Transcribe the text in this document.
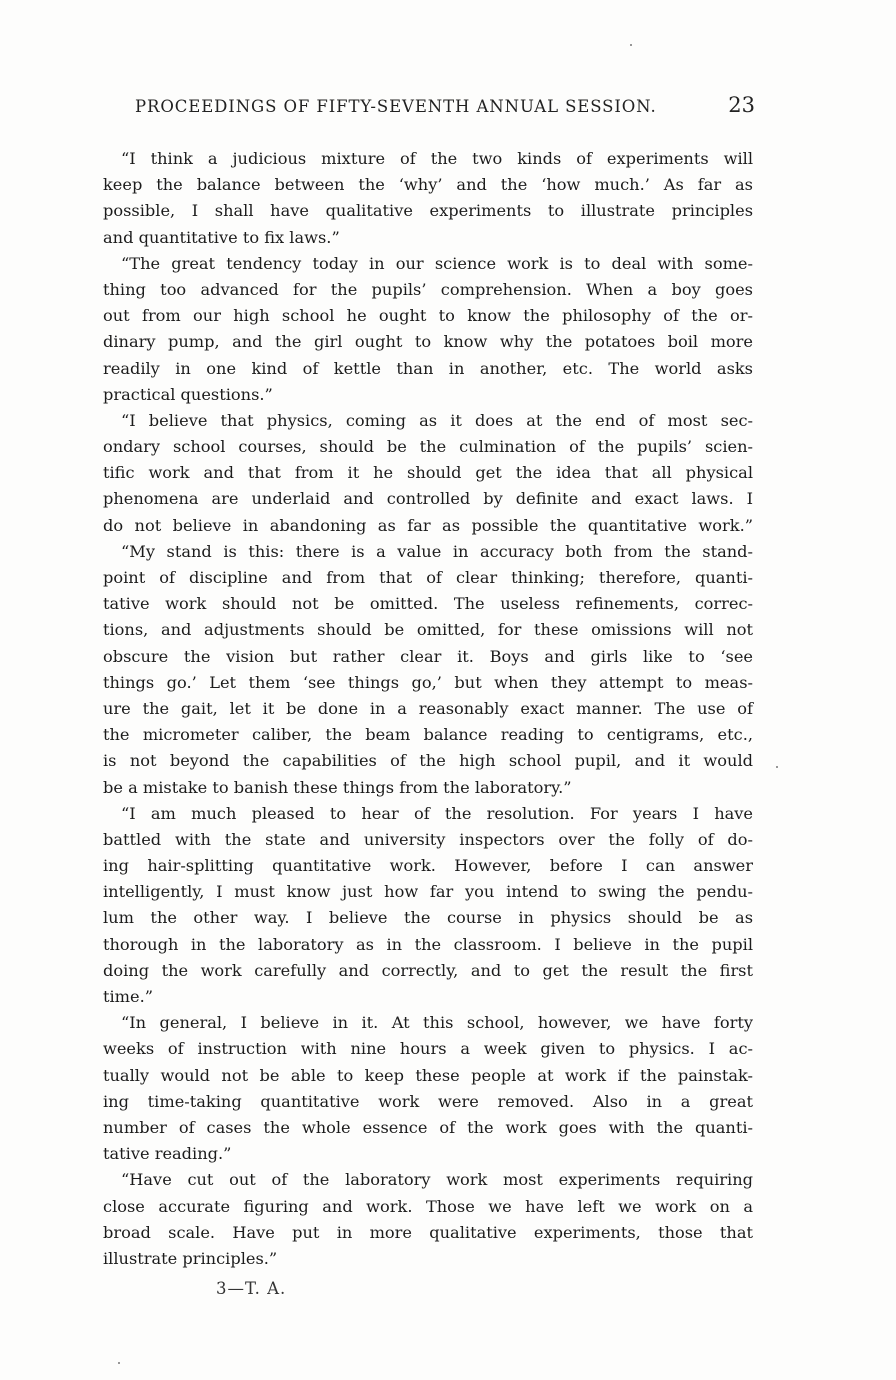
PROCEEDINGS OF FIFTY-SEVENTH ANNUAL SESSION.	23
“I think a judicious mixture of the two kinds of experiments will
keep the balance between the ‘why’ and the ‘how much.’ As far as
possible, I shall have qualitative experiments to illustrate principles
and quantitative to fix laws.”
“The great tendency today in our science work is to deal with some-
thing too advanced for the pupils’ comprehension. When a boy goes
out from our high school he ought to know the philosophy of the or-
dinary pump, and the girl ought to know why the potatoes boil more
readily in one kind of kettle than in another, etc. The world asks
practical questions.”
“I believe that physics, coming as it does at the end of most sec-
ondary school courses, should be the culmination of the pupils’ scien-
tific work and that from it he should get the idea that all physical
phenomena are underlaid and controlled by definite and exact laws. I
do not believe in abandoning as far as possible the quantitative work.”
“My stand is this: there is a value in accuracy both from the stand-
point of discipline and from that of clear thinking; therefore, quanti-
tative work should not be omitted. The useless refinements, correc-
tions, and adjustments should be omitted, for these omissions will not
obscure the vision but rather clear it. Boys and girls like to ‘see
things go.’ Let them ‘see things go,’ but when they attempt to meas-
ure the gait, let it be done in a reasonably exact manner. The use of
the micrometer caliber, the beam balance reading to centigrams, etc.,
is not beyond the capabilities of the high school pupil, and it would
be a mistake to banish these things from the laboratory.”
“I am much pleased to hear of the resolution. For years I have
battled with the state and university inspectors over the folly of do-
ing hair-splitting quantitative work. However, before I can answer
intelligently, I must know just how far you intend to swing the pendu-
lum the other way. I believe the course in physics should be as
thorough in the laboratory as in the classroom. I believe in the pupil
doing the work carefully and correctly, and to get the result the first
time.”
“In general, I believe in it. At this school, however, we have forty
weeks of instruction with nine hours a week given to physics. I ac-
tually would not be able to keep these people at work if the painstak-
ing time-taking quantitative work were removed. Also in a great
number of cases the whole essence of the work goes with the quanti-
tative reading.”
“Have cut out of the laboratory work most experiments requiring
close accurate figuring and work. Those we have left we work on a
broad scale. Have put in more qualitative experiments, those that
illustrate principles.”
3—T. A.
